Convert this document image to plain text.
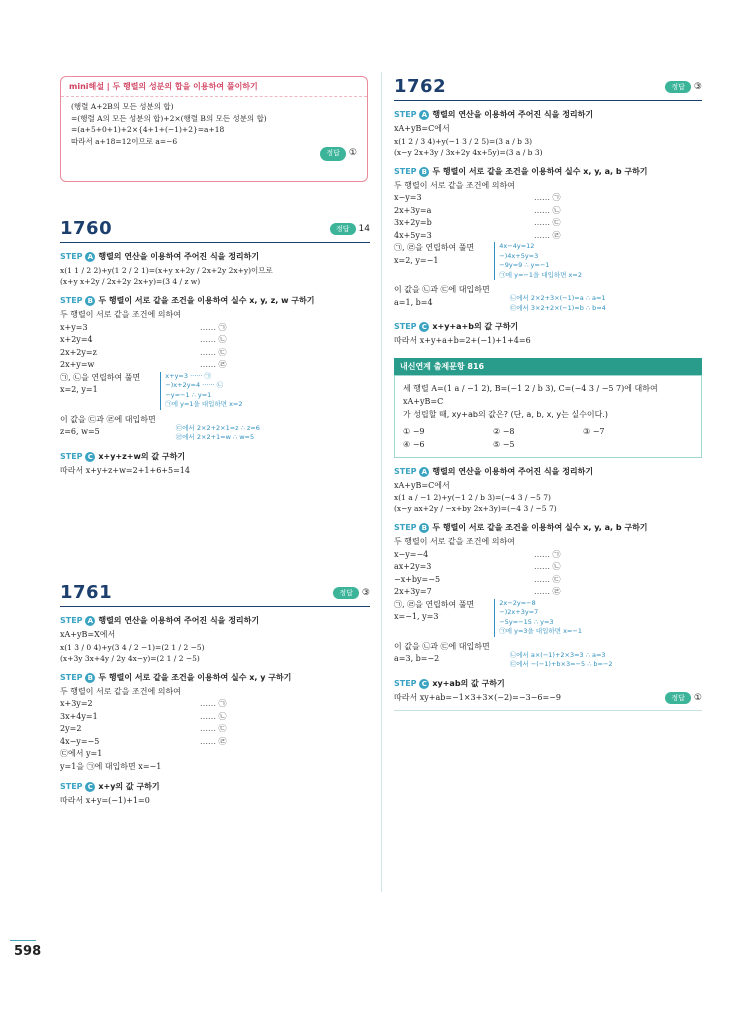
mini해설 | 두 행렬의 성분의 합을 이용하여 풀이하기
(행렬 A+2B의 모든 성분의 합)
=(행렬 A의 모든 성분의 합)+2×(행렬 B의 모든 성분의 합)
=(a+5+0+1)+2×{4+1+(−1)+2}=a+18
따라서 a+18=12이므로 a=−6
정답	①
1760	정답	14
STEP A 행렬의 연산을 이용하여 주어진 식을 정리하기
x(1 1 / 2 2)+y(1 2 / 2 1)=(x+y x+2y / 2x+2y 2x+y)이므로
(x+y x+2y / 2x+2y 2x+y)=(3 4 / z w)
STEP B 두 행렬이 서로 같을 조건을 이용하여 실수 x, y, z, w 구하기
두 행렬이 서로 같을 조건에 의하여
x+y=3	…… ㉠
x+2y=4	…… ㉡
2x+2y=z	…… ㉢
2x+y=w	…… ㉣
㉠, ㉡을 연립하여 풀면
x=2, y=1
x+y=3 ······ ㉠
−)x+2y=4 ······ ㉡
−y=−1 ∴ y=1
㉠에 y=1을 대입하면 x=2
이 값을 ㉢과 ㉣에 대입하면
z=6, w=5	㉢에서 2×2+2×1=z ∴ z=6
㉣에서 2×2+1=w ∴ w=5
STEP C x+y+z+w의 값 구하기
따라서 x+y+z+w=2+1+6+5=14
1761	정답	③
STEP A 행렬의 연산을 이용하여 주어진 식을 정리하기
xA+yB=X에서
x(1 3 / 0 4)+y(3 4 / 2 −1)=(2 1 / 2 −5)
(x+3y 3x+4y / 2y 4x−y)=(2 1 / 2 −5)
STEP B 두 행렬이 서로 같을 조건을 이용하여 실수 x, y 구하기
두 행렬이 서로 같을 조건에 의하여
x+3y=2	…… ㉠
3x+4y=1	…… ㉡
2y=2	…… ㉢
4x−y=−5	…… ㉣
㉢에서 y=1
y=1을 ㉠에 대입하면 x=−1
STEP C x+y의 값 구하기
따라서 x+y=(−1)+1=0
1762	정답	③
STEP A 행렬의 연산을 이용하여 주어진 식을 정리하기
xA+yB=C에서
x(1 2 / 3 4)+y(−1 3 / 2 5)=(3 a / b 3)
(x−y 2x+3y / 3x+2y 4x+5y)=(3 a / b 3)
STEP B 두 행렬이 서로 같을 조건을 이용하여 실수 x, y, a, b 구하기
두 행렬이 서로 같을 조건에 의하여
x−y=3	…… ㉠
2x+3y=a	…… ㉡
3x+2y=b	…… ㉢
4x+5y=3	…… ㉣
㉠, ㉣을 연립하여 풀면
x=2, y=−1
4x−4y=12
−)4x+5y=3
−9y=9 ∴ y=−1
㉠에 y=−1을 대입하면 x=2
이 값을 ㉡과 ㉢에 대입하면
a=1, b=4	㉡에서 2×2+3×(−1)=a ∴ a=1
㉢에서 3×2+2×(−1)=b ∴ b=4
STEP C x+y+a+b의 값 구하기
따라서 x+y+a+b=2+(−1)+1+4=6
내신연계 출제문항 816
세 행렬 A=(1 a / −1 2), B=(−1 2 / b 3), C=(−4 3 / −5 7)에 대하여 xA+yB=C
가 성립할 때, xy+ab의 값은? (단, a, b, x, y는 실수이다.)
① −9	② −8	③ −7
④ −6	⑤ −5
STEP A 행렬의 연산을 이용하여 주어진 식을 정리하기
xA+yB=C에서
x(1 a / −1 2)+y(−1 2 / b 3)=(−4 3 / −5 7)
(x−y ax+2y / −x+by 2x+3y)=(−4 3 / −5 7)
STEP B 두 행렬이 서로 같을 조건을 이용하여 실수 x, y, a, b 구하기
두 행렬이 서로 같을 조건에 의하여
x−y=−4	…… ㉠
ax+2y=3	…… ㉡
−x+by=−5	…… ㉢
2x+3y=7	…… ㉣
㉠, ㉣을 연립하여 풀면
x=−1, y=3
2x−2y=−8
−)2x+3y=7
−5y=−15 ∴ y=3
㉠에 y=3을 대입하면 x=−1
이 값을 ㉡과 ㉢에 대입하면
a=3, b=−2	㉡에서 a×(−1)+2×3=3 ∴ a=3
㉢에서 −(−1)+b×3=−5 ∴ b=−2
STEP C xy+ab의 값 구하기
따라서 xy+ab=−1×3+3×(−2)=−3−6=−9	정답	①
598
